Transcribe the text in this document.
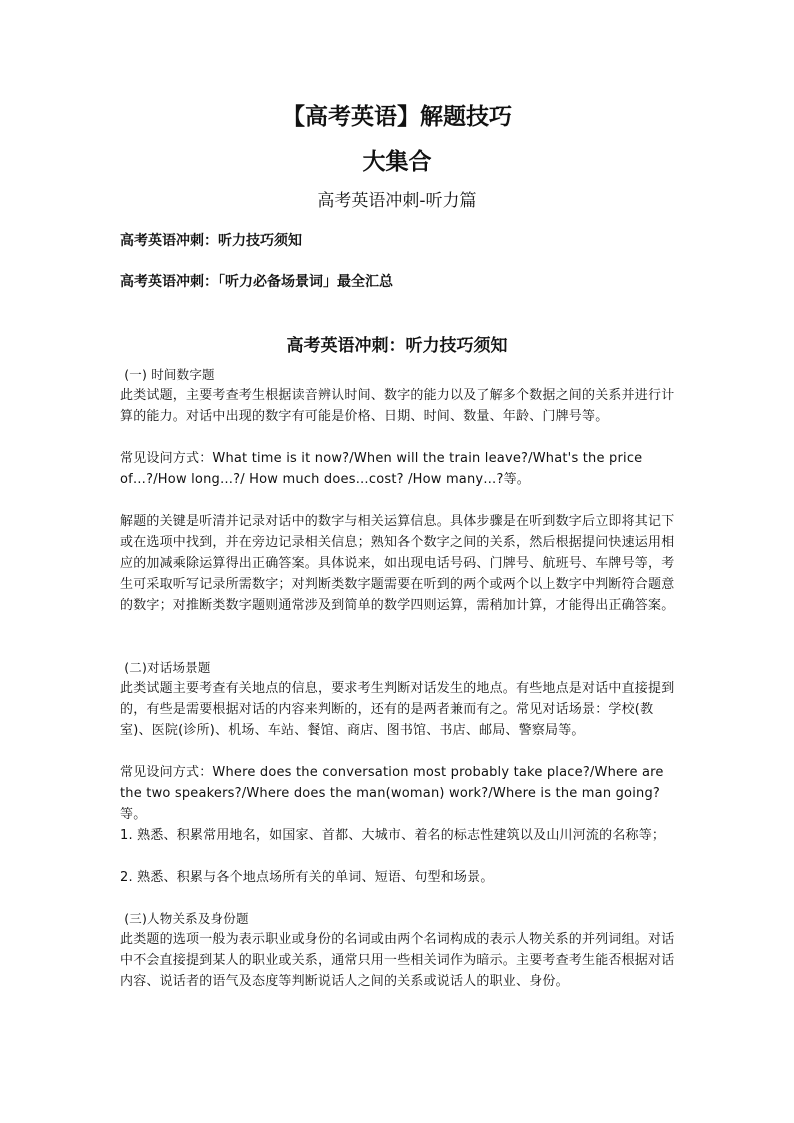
【高考英语】解题技巧
大集合
高考英语冲刺-听力篇

高考英语冲刺：听力技巧须知

高考英语冲刺：「听力必备场景词」最全汇总

高考英语冲刺：听力技巧须知

(一) 时间数字题

此类试题，主要考查考生根据读音辨认时间、数字的能力以及了解多个数据之间的关系并进行计算的能力。对话中出现的数字有可能是价格、日期、时间、数量、年龄、门牌号等。

常见设问方式：What time is it now?/When will the train leave?/What's the price of…?/How long…?/ How much does…cost? /How many…?等。

解题的关键是听清并记录对话中的数字与相关运算信息。具体步骤是在听到数字后立即将其记下或在选项中找到，并在旁边记录相关信息；熟知各个数字之间的关系，然后根据提问快速运用相应的加减乘除运算得出正确答案。具体说来，如出现电话号码、门牌号、航班号、车牌号等，考生可采取听写记录所需数字；对判断类数字题需要在听到的两个或两个以上数字中判断符合题意的数字；对推断类数字题则通常涉及到简单的数学四则运算，需稍加计算，才能得出正确答案。

(二)对话场景题

此类试题主要考查有关地点的信息，要求考生判断对话发生的地点。有些地点是对话中直接提到的，有些是需要根据对话的内容来判断的，还有的是两者兼而有之。常见对话场景：学校(教室)、医院(诊所)、机场、车站、餐馆、商店、图书馆、书店、邮局、警察局等。

常见设问方式：Where does the conversation most probably take place?/Where are the two speakers?/Where does the man(woman) work?/Where is the man going?等。

1. 熟悉、积累常用地名，如国家、首都、大城市、着名的标志性建筑以及山川河流的名称等；

2. 熟悉、积累与各个地点场所有关的单词、短语、句型和场景。

(三)人物关系及身份题

此类题的选项一般为表示职业或身份的名词或由两个名词构成的表示人物关系的并列词组。对话中不会直接提到某人的职业或关系，通常只用一些相关词作为暗示。主要考查考生能否根据对话内容、说话者的语气及态度等判断说话人之间的关系或说话人的职业、身份。
